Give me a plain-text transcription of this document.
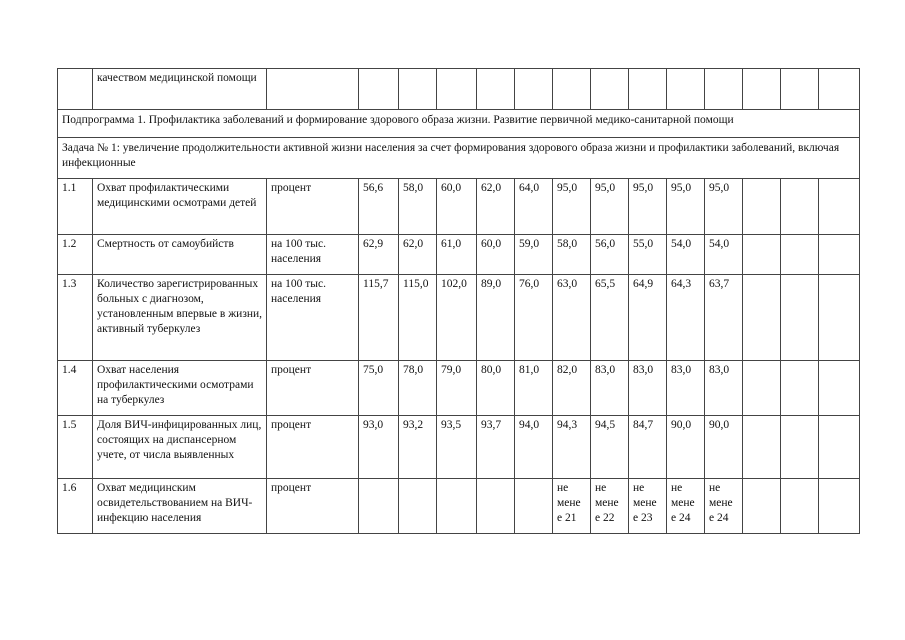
	качеством медицинской помощи														
Подпрограмма 1. Профилактика заболеваний и формирование здорового образа жизни. Развитие первичной медико-санитарной помощи															
Задача № 1: увеличение продолжительности активной жизни населения за счет формирования здорового образа жизни и профилактики заболеваний, включая инфекционные															
1.1	Охват профилактическими медицинскими осмотрами детей	процент	56,6	58,0	60,0	62,0	64,0	95,0	95,0	95,0	95,0	95,0			
1.2	Смертность от самоубийств	на 100 тыс. населения	62,9	62,0	61,0	60,0	59,0	58,0	56,0	55,0	54,0	54,0			
1.3	Количество зарегистрированных больных с диагнозом, установленным впервые в жизни, активный туберкулез	на 100 тыс. населения	115,7	115,0	102,0	89,0	76,0	63,0	65,5	64,9	64,3	63,7			
1.4	Охват населения профилактическими осмотрами на туберкулез	процент	75,0	78,0	79,0	80,0	81,0	82,0	83,0	83,0	83,0	83,0			
1.5	Доля ВИЧ-инфицированных лиц, состоящих на диспансерном учете, от числа выявленных	процент	93,0	93,2	93,5	93,7	94,0	94,3	94,5	84,7	90,0	90,0			
1.6	Охват медицинским освидетельствованием на ВИЧ-инфекцию населения	процент						не мене е 21	не мене е 22	не мене е 23	не мене е 24	не мене е 24			
